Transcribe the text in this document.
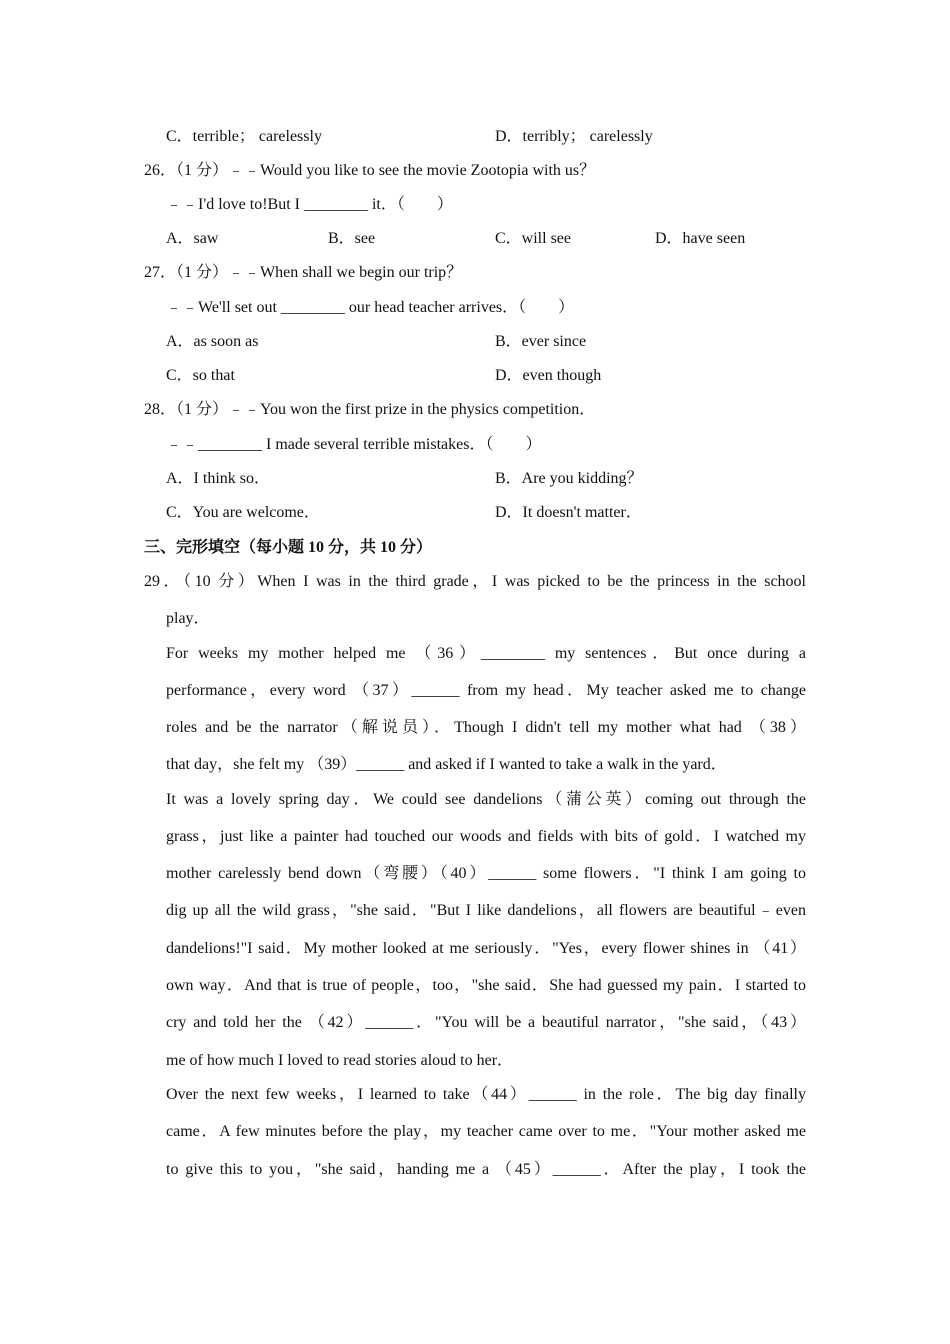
C．terrible； carelessly	D．terribly； carelessly
26．（1 分）﹣﹣Would you like to see the movie Zootopia with us？
﹣﹣I'd love to!But I ________ it．（　　）
A．saw	B．see	C．will see	D．have seen
27．（1 分）﹣﹣When shall we begin our trip？
﹣﹣We'll set out ________ our head teacher arrives．（　　）
A．as soon as	B．ever since
C．so that	D．even though
28．（1 分）﹣﹣You won the first prize in the physics competition．
﹣﹣________ I made several terrible mistakes．（　　）
A．I think so．	B．Are you kidding？
C．You are welcome．	D．It doesn't matter．
三、完形填空（每小题 10 分，共 10 分）
29．（10 分）When I was in the third grade，I was picked to be the princess in the school
play．
For weeks my mother helped me （36）________ my sentences．But once during a
performance，every word （37）______ from my head．My teacher asked me to change
roles and be the narrator（解说员）．Though I didn't tell my mother what had （38）
that day，she felt my （39）______ and asked if I wanted to take a walk in the yard．
It was a lovely spring day．We could see dandelions（蒲公英）coming out through the
grass，just like a painter had touched our woods and fields with bits of gold．I watched my
mother carelessly bend down（弯腰）（40）______ some flowers．"I think I am going to
dig up all the wild grass，"she said．"But I like dandelions，all flowers are beautiful﹣even
dandelions!"I said．My mother looked at me seriously．"Yes，every flower shines in （41）
own way．And that is true of people，too，"she said．She had guessed my pain．I started to
cry and told her the （42）______．"You will be a beautiful narrator，"she said，（43）
me of how much I loved to read stories aloud to her．
Over the next few weeks，I learned to take（44）______ in the role．The big day finally
came．A few minutes before the play，my teacher came over to me．"Your mother asked me
to give this to you，"she said，handing me a （45）______．After the play，I took the
